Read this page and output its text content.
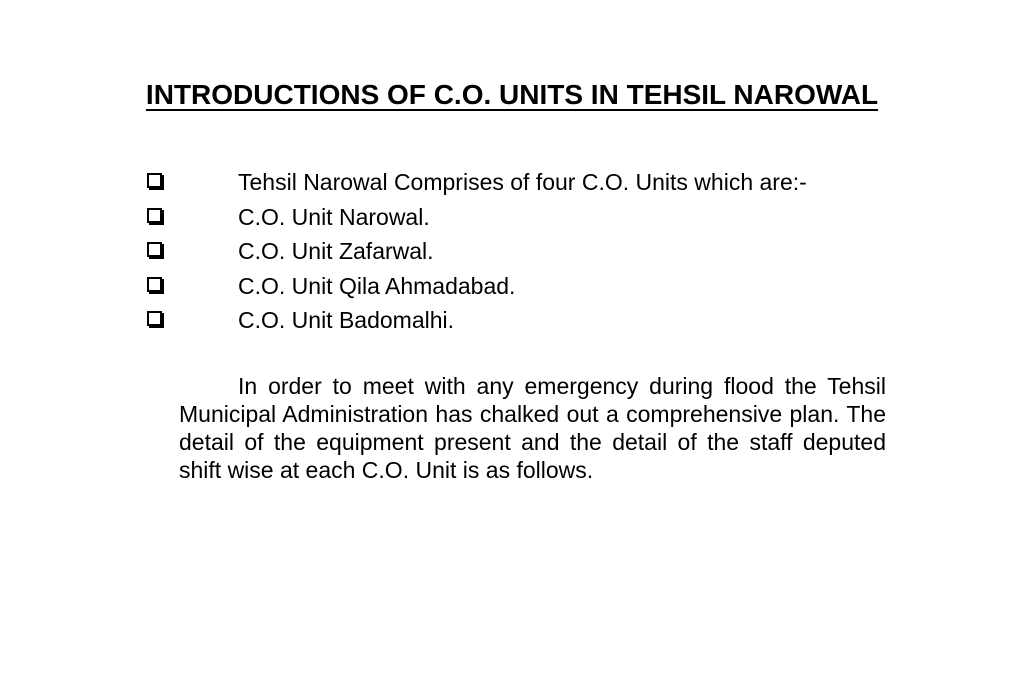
INTRODUCTIONS OF C.O. UNITS IN TEHSIL NAROWAL
Tehsil Narowal Comprises of four C.O. Units which are:-
C.O. Unit Narowal.
C.O. Unit Zafarwal.
C.O. Unit Qila Ahmadabad.
C.O. Unit Badomalhi.

In order to meet with any emergency during flood the Tehsil Municipal Administration has chalked out a comprehensive plan. The detail of the equipment present and the detail of the staff deputed shift wise at each C.O. Unit is as follows.
